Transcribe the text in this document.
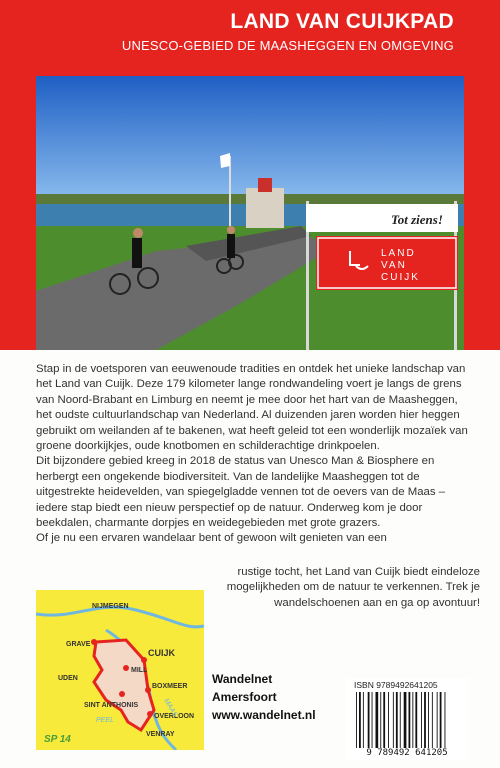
LAND VAN CUIJKPAD
UNESCO-GEBIED DE MAASHEGGEN EN OMGEVING
Tot ziens!
LAND
VAN
CUIJK

Stap in de voetsporen van eeuwenoude tradities en ontdek het unieke landschap van het Land van Cuijk. Deze 179 kilometer lange rondwandeling voert je langs de grens van Noord-Brabant en Limburg en neemt je mee door het hart van de Maasheggen, het oudste cultuurlandschap van Nederland. Al duizenden jaren worden hier heggen gebruikt om weilanden af te bakenen, wat heeft geleid tot een wonderlijk mozaïek van groene doorkijkjes, oude knotbomen en schilderachtige drinkpoelen.

Dit bijzondere gebied kreeg in 2018 de status van Unesco Man & Biosphere en herbergt een ongekende biodiversiteit. Van de landelijke Maasheggen tot de uitgestrekte heidevelden, van spiegelgladde vennen tot de oevers van de Maas – iedere stap biedt een nieuw perspectief op de natuur. Onderweg kom je door beekdalen, charmante dorpjes en weidegebieden met grote grazers.

Of je nu een ervaren wandelaar bent of gewoon wilt genieten van een

rustige tocht, het Land van Cuijk biedt eindeloze mogelijkheden om de natuur te verkennen. Trek je wandelschoenen aan en ga op avontuur!
NIJMEGEN
GRAVE
CUIJK
MILL
BOXMEER
UDEN
SINT ANTHONIS
OVERLOON
VENRAY
PEEL
MAAS
SP 14
Wandelnet
Amersfoort
www.wandelnet.nl
ISBN 9789492641205
9 789492 641205
